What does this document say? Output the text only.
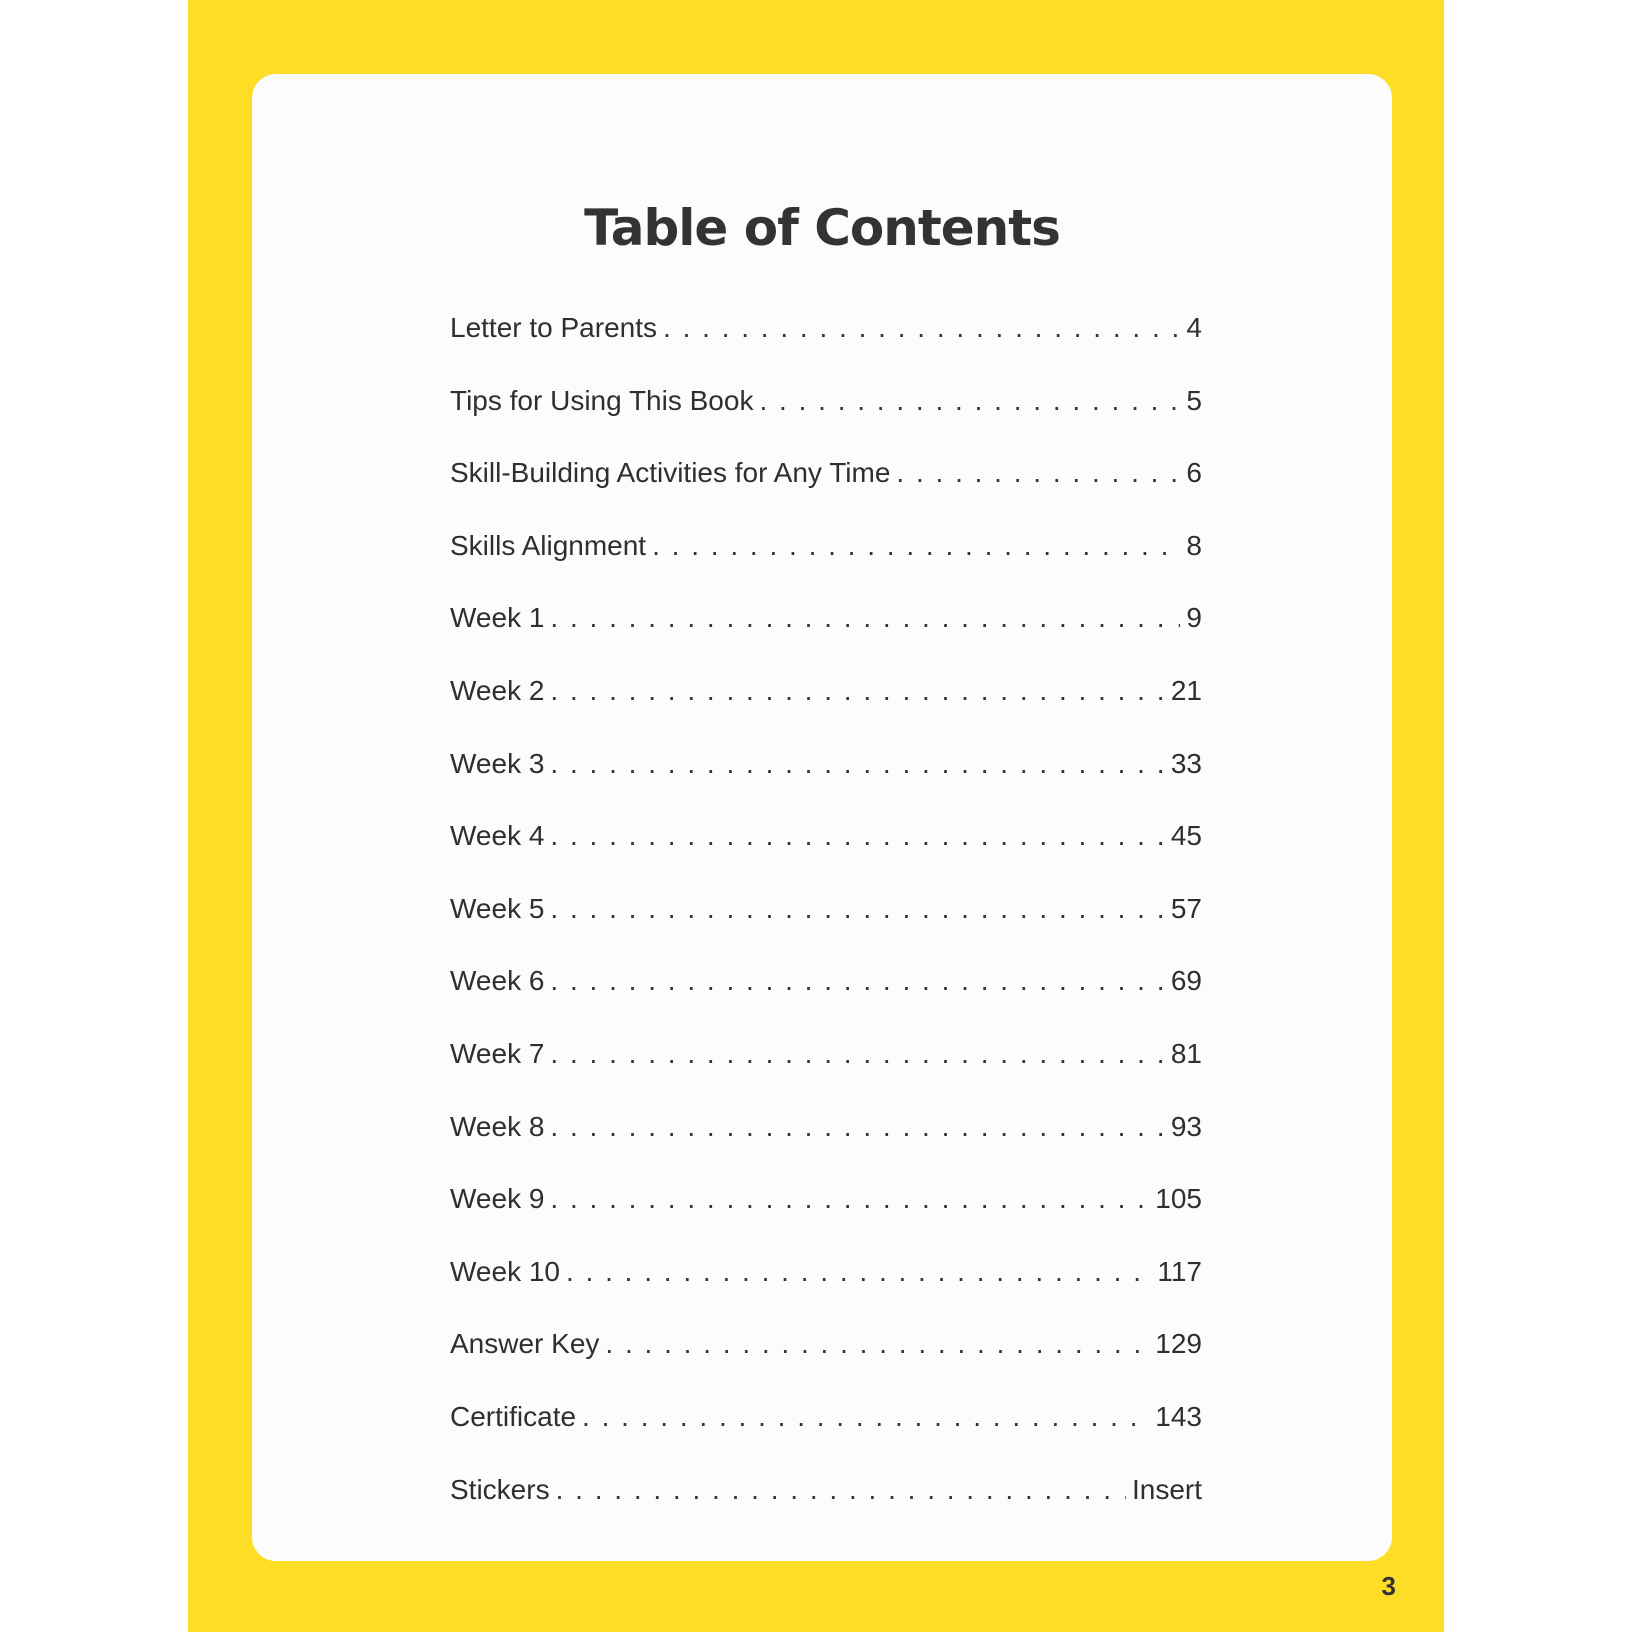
Table of Contents
Letter to Parents . . .	4
Tips for Using This Book . . .	5
Skill-Building Activities for Any Time . . .	6
Skills Alignment . . .	8
Week 1 . . .	9
Week 2 . . .	21
Week 3 . . .	33
Week 4 . . .	45
Week 5 . . .	57
Week 6 . . .	69
Week 7 . . .	81
Week 8 . . .	93
Week 9 . . .	105
Week 10 . . .	117
Answer Key . . .	129
Certificate . . .	143
Stickers . . .	Insert
3
